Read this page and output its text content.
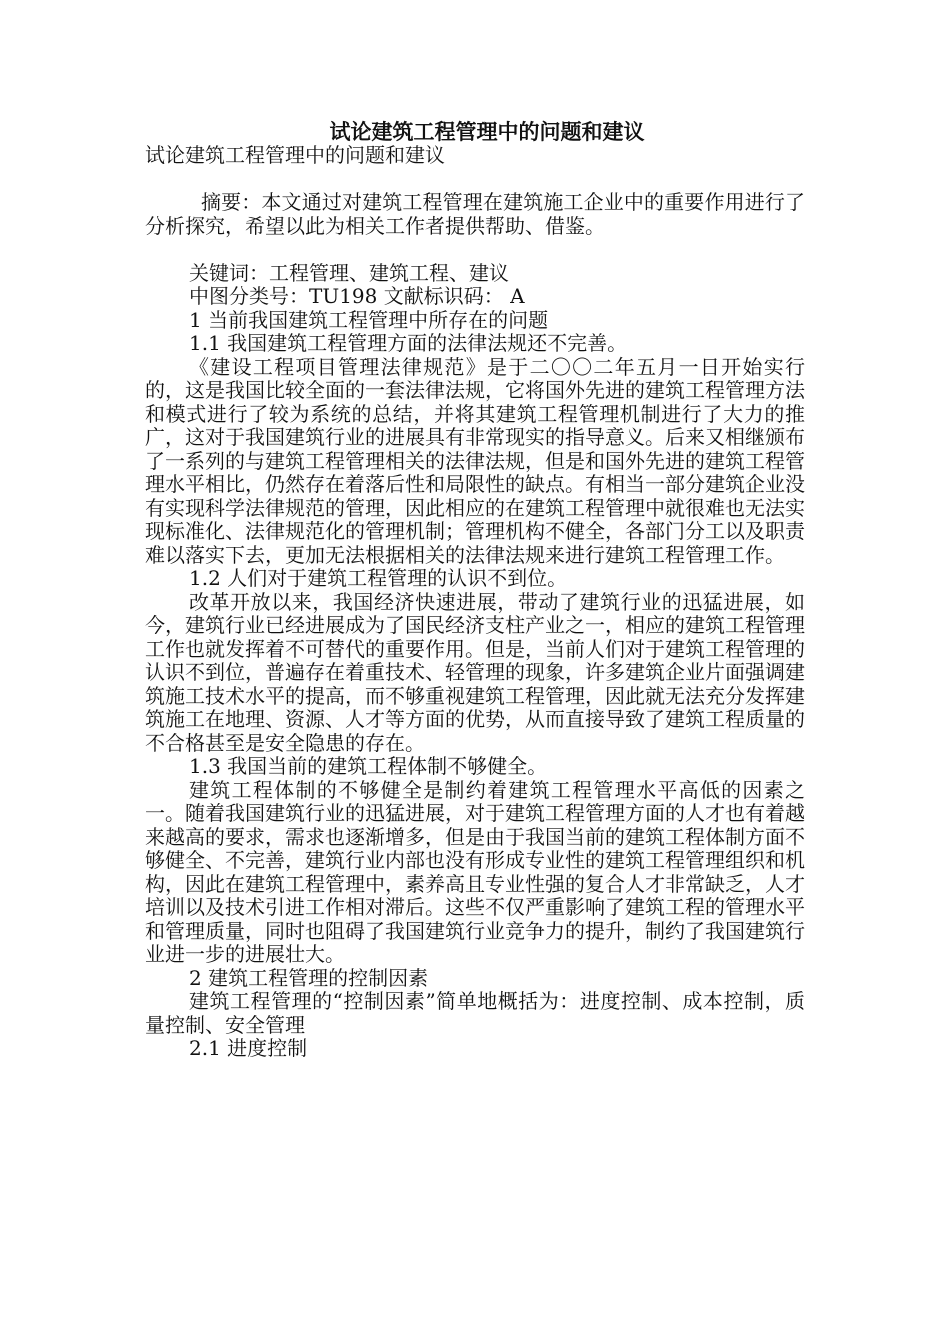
试论建筑工程管理中的问题和建议

试论建筑工程管理中的问题和建议

摘要：本文通过对建筑工程管理在建筑施工企业中的重要作用进行了分析探究，希望以此为相关工作者提供帮助、借鉴。

关键词：工程管理、建筑工程、建议

中图分类号：TU198 文献标识码： A

1 当前我国建筑工程管理中所存在的问题

1.1 我国建筑工程管理方面的法律法规还不完善。

《建设工程项目管理法律规范》是于二〇〇二年五月一日开始实行的，这是我国比较全面的一套法律法规，它将国外先进的建筑工程管理方法和模式进行了较为系统的总结，并将其建筑工程管理机制进行了大力的推广，这对于我国建筑行业的进展具有非常现实的指导意义。后来又相继颁布了一系列的与建筑工程管理相关的法律法规，但是和国外先进的建筑工程管理水平相比，仍然存在着落后性和局限性的缺点。有相当一部分建筑企业没有实现科学法律规范的管理，因此相应的在建筑工程管理中就很难也无法实现标准化、法律规范化的管理机制；管理机构不健全，各部门分工以及职责难以落实下去，更加无法根据相关的法律法规来进行建筑工程管理工作。

1.2 人们对于建筑工程管理的认识不到位。

改革开放以来，我国经济快速进展，带动了建筑行业的迅猛进展，如今，建筑行业已经进展成为了国民经济支柱产业之一，相应的建筑工程管理工作也就发挥着不可替代的重要作用。但是，当前人们对于建筑工程管理的认识不到位，普遍存在着重技术、轻管理的现象，许多建筑企业片面强调建筑施工技术水平的提高，而不够重视建筑工程管理，因此就无法充分发挥建筑施工在地理、资源、人才等方面的优势，从而直接导致了建筑工程质量的不合格甚至是安全隐患的存在。

1.3 我国当前的建筑工程体制不够健全。

建筑工程体制的不够健全是制约着建筑工程管理水平高低的因素之一。随着我国建筑行业的迅猛进展，对于建筑工程管理方面的人才也有着越来越高的要求，需求也逐渐增多，但是由于我国当前的建筑工程体制方面不够健全、不完善，建筑行业内部也没有形成专业性的建筑工程管理组织和机构，因此在建筑工程管理中，素养高且专业性强的复合人才非常缺乏，人才培训以及技术引进工作相对滞后。这些不仅严重影响了建筑工程的管理水平和管理质量，同时也阻碍了我国建筑行业竞争力的提升，制约了我国建筑行业进一步的进展壮大。

2 建筑工程管理的控制因素

建筑工程管理的“控制因素”简单地概括为：进度控制、成本控制，质量控制、安全管理

2.1 进度控制
